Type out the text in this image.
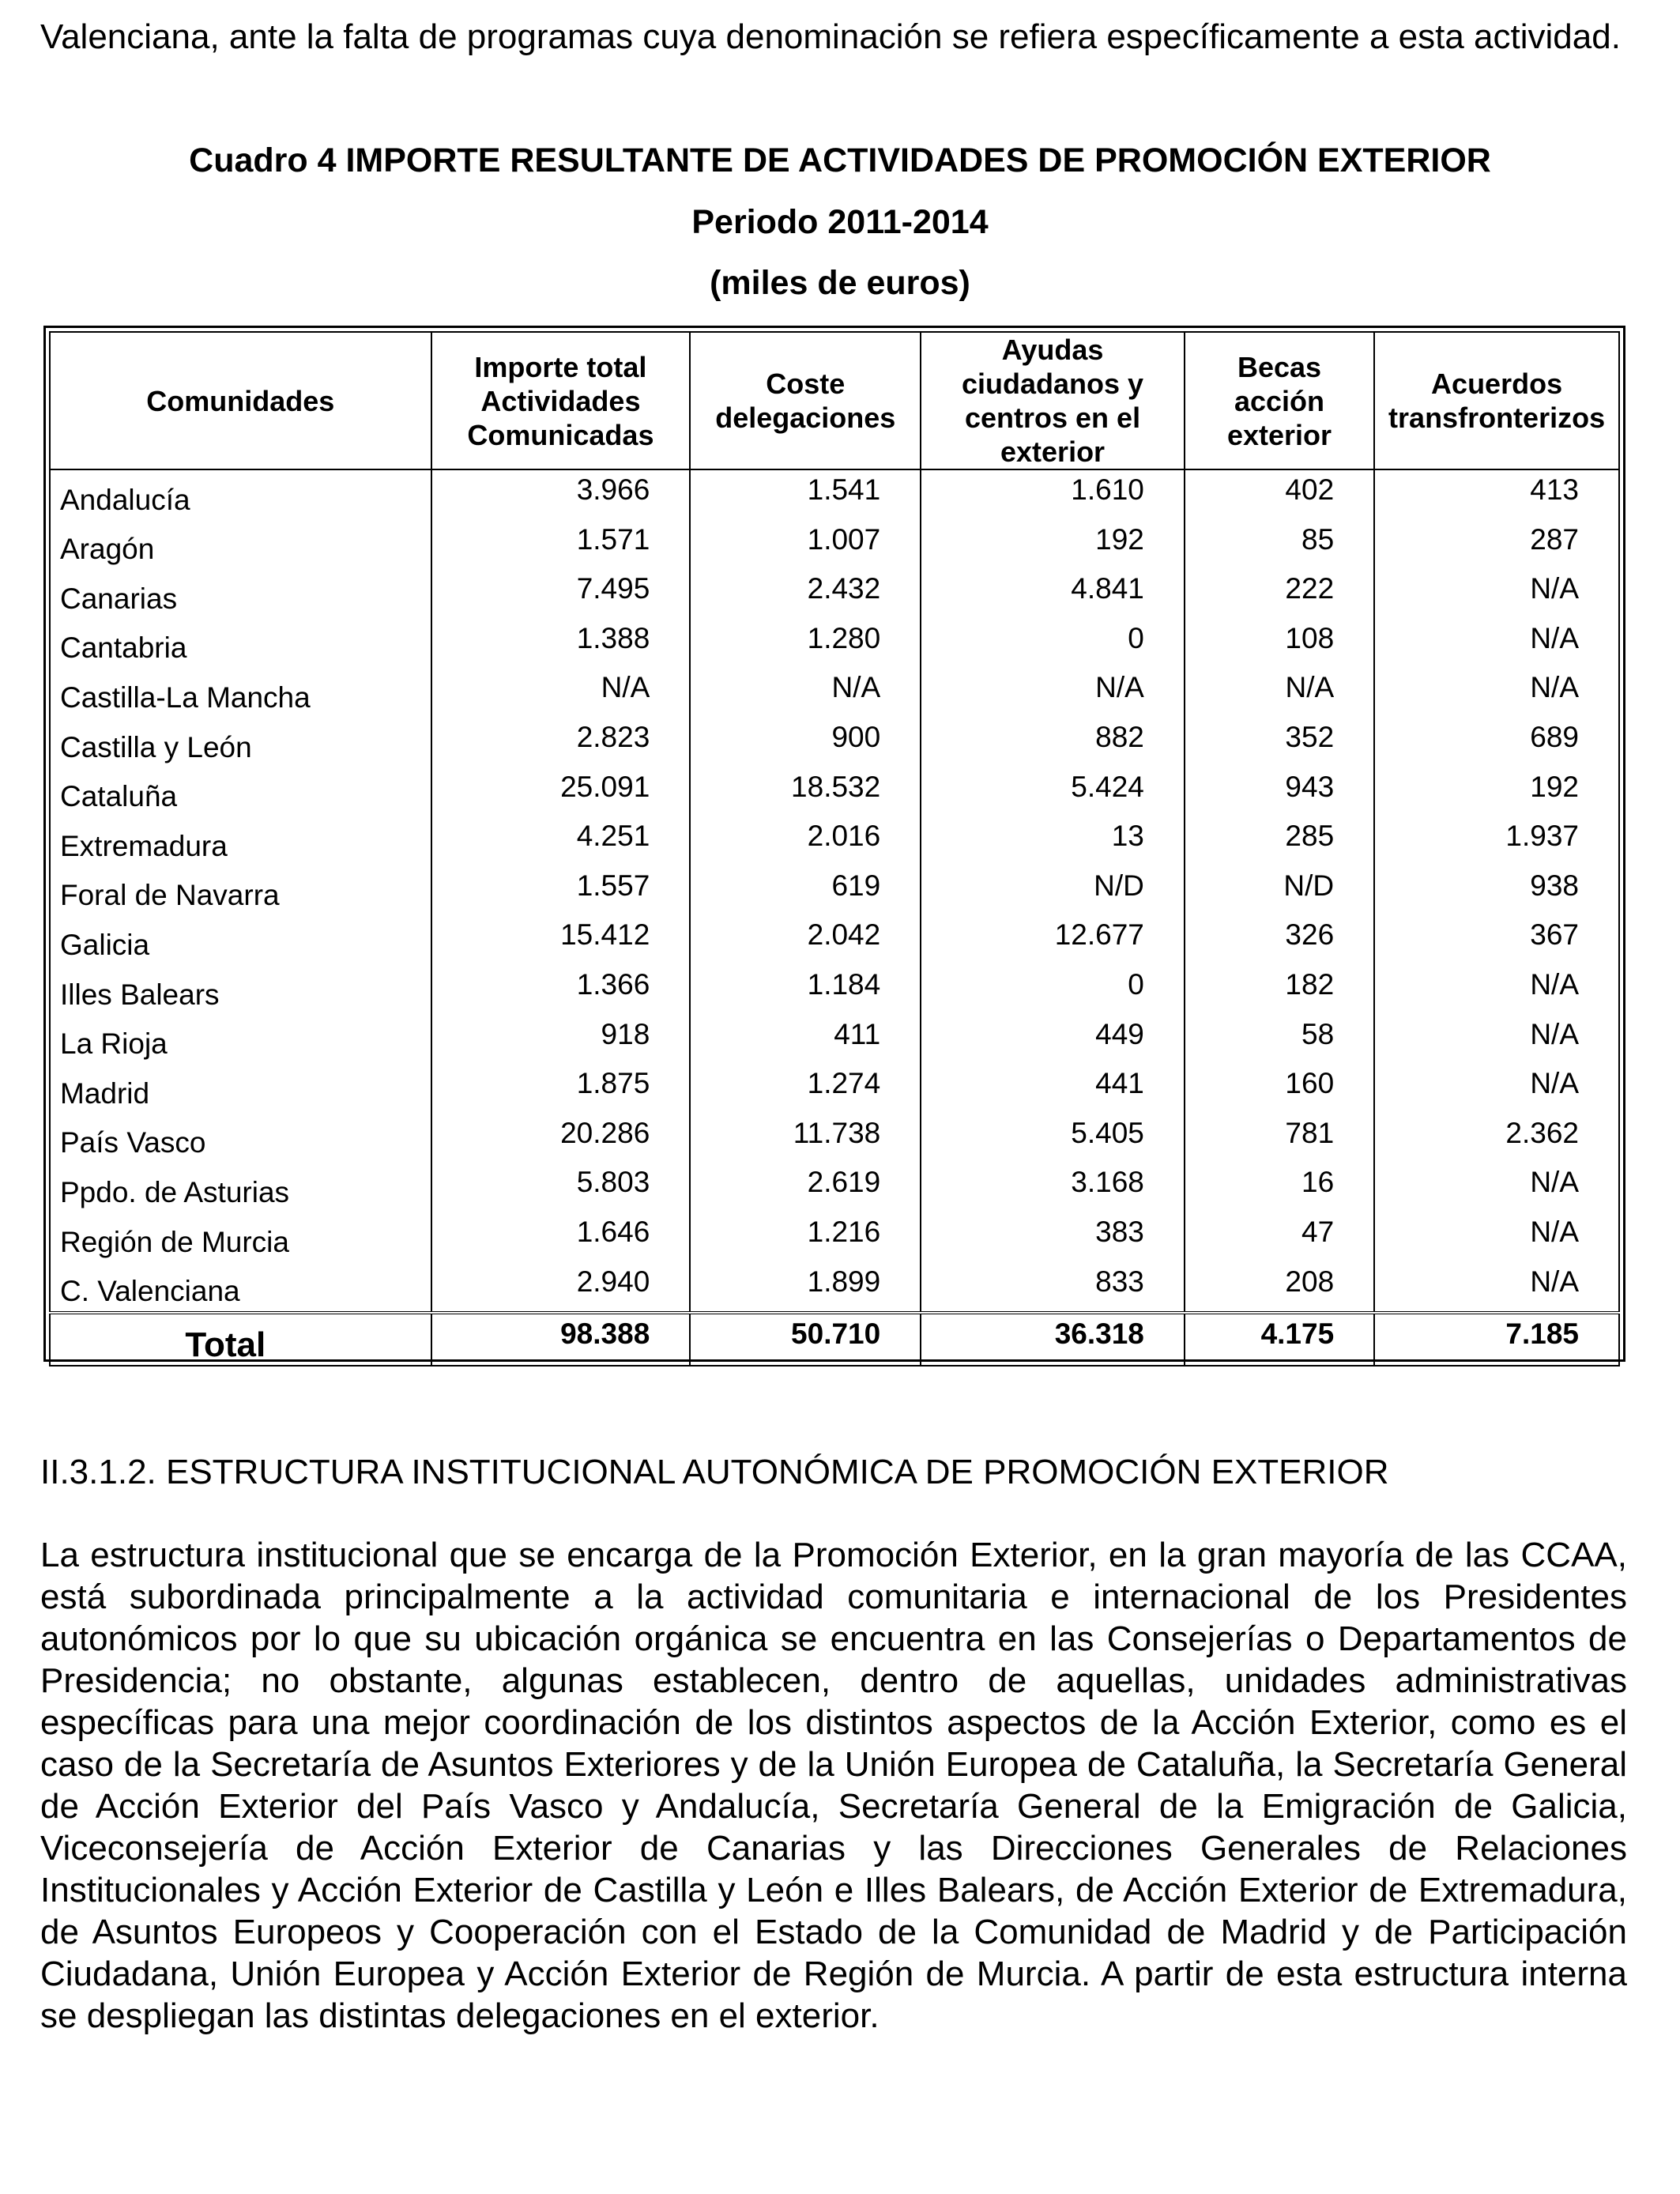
Valenciana, ante la falta de programas cuya denominación se refiera específicamente a esta actividad.

Cuadro 4 IMPORTE RESULTANTE DE ACTIVIDADES DE PROMOCIÓN EXTERIOR

Periodo 2011-2014

(miles de euros)

Comunidades	Importe total Actividades Comunicadas	Coste delegaciones	Ayudas ciudadanos y centros en el exterior	Becas acción exterior	Acuerdos transfronterizos
Andalucía	3.966	1.541	1.610	402	413
Aragón	1.571	1.007	192	85	287
Canarias	7.495	2.432	4.841	222	N/A
Cantabria	1.388	1.280	0	108	N/A
Castilla-La Mancha	N/A	N/A	N/A	N/A	N/A
Castilla y León	2.823	900	882	352	689
Cataluña	25.091	18.532	5.424	943	192
Extremadura	4.251	2.016	13	285	1.937
Foral de Navarra	1.557	619	N/D	N/D	938
Galicia	15.412	2.042	12.677	326	367
Illes Balears	1.366	1.184	0	182	N/A
La Rioja	918	411	449	58	N/A
Madrid	1.875	1.274	441	160	N/A
País Vasco	20.286	11.738	5.405	781	2.362
Ppdo. de Asturias	5.803	2.619	3.168	16	N/A
Región de Murcia	1.646	1.216	383	47	N/A
C. Valenciana	2.940	1.899	833	208	N/A
Total	98.388	50.710	36.318	4.175	7.185
II.3.1.2. ESTRUCTURA INSTITUCIONAL AUTONÓMICA DE PROMOCIÓN EXTERIOR

La estructura institucional que se encarga de la Promoción Exterior, en la gran mayoría de las CCAA, está subordinada principalmente a la actividad comunitaria e internacional de los Presidentes autonómicos por lo que su ubicación orgánica se encuentra en las Consejerías o Departamentos de Presidencia; no obstante, algunas establecen, dentro de aquellas, unidades administrativas específicas para una mejor coordinación de los distintos aspectos de la Acción Exterior, como es el caso de la Secretaría de Asuntos Exteriores y de la Unión Europea de Cataluña, la Secretaría General de Acción Exterior del País Vasco y Andalucía, Secretaría General de la Emigración de Galicia, Viceconsejería de Acción Exterior de Canarias y las Direcciones Generales de Relaciones Institucionales y Acción Exterior de Castilla y León e Illes Balears, de Acción Exterior de Extremadura, de Asuntos Europeos y Cooperación con el Estado de la Comunidad de Madrid y de Participación Ciudadana, Unión Europea y Acción Exterior de Región de Murcia. A partir de esta estructura interna se despliegan las distintas delegaciones en el exterior.
